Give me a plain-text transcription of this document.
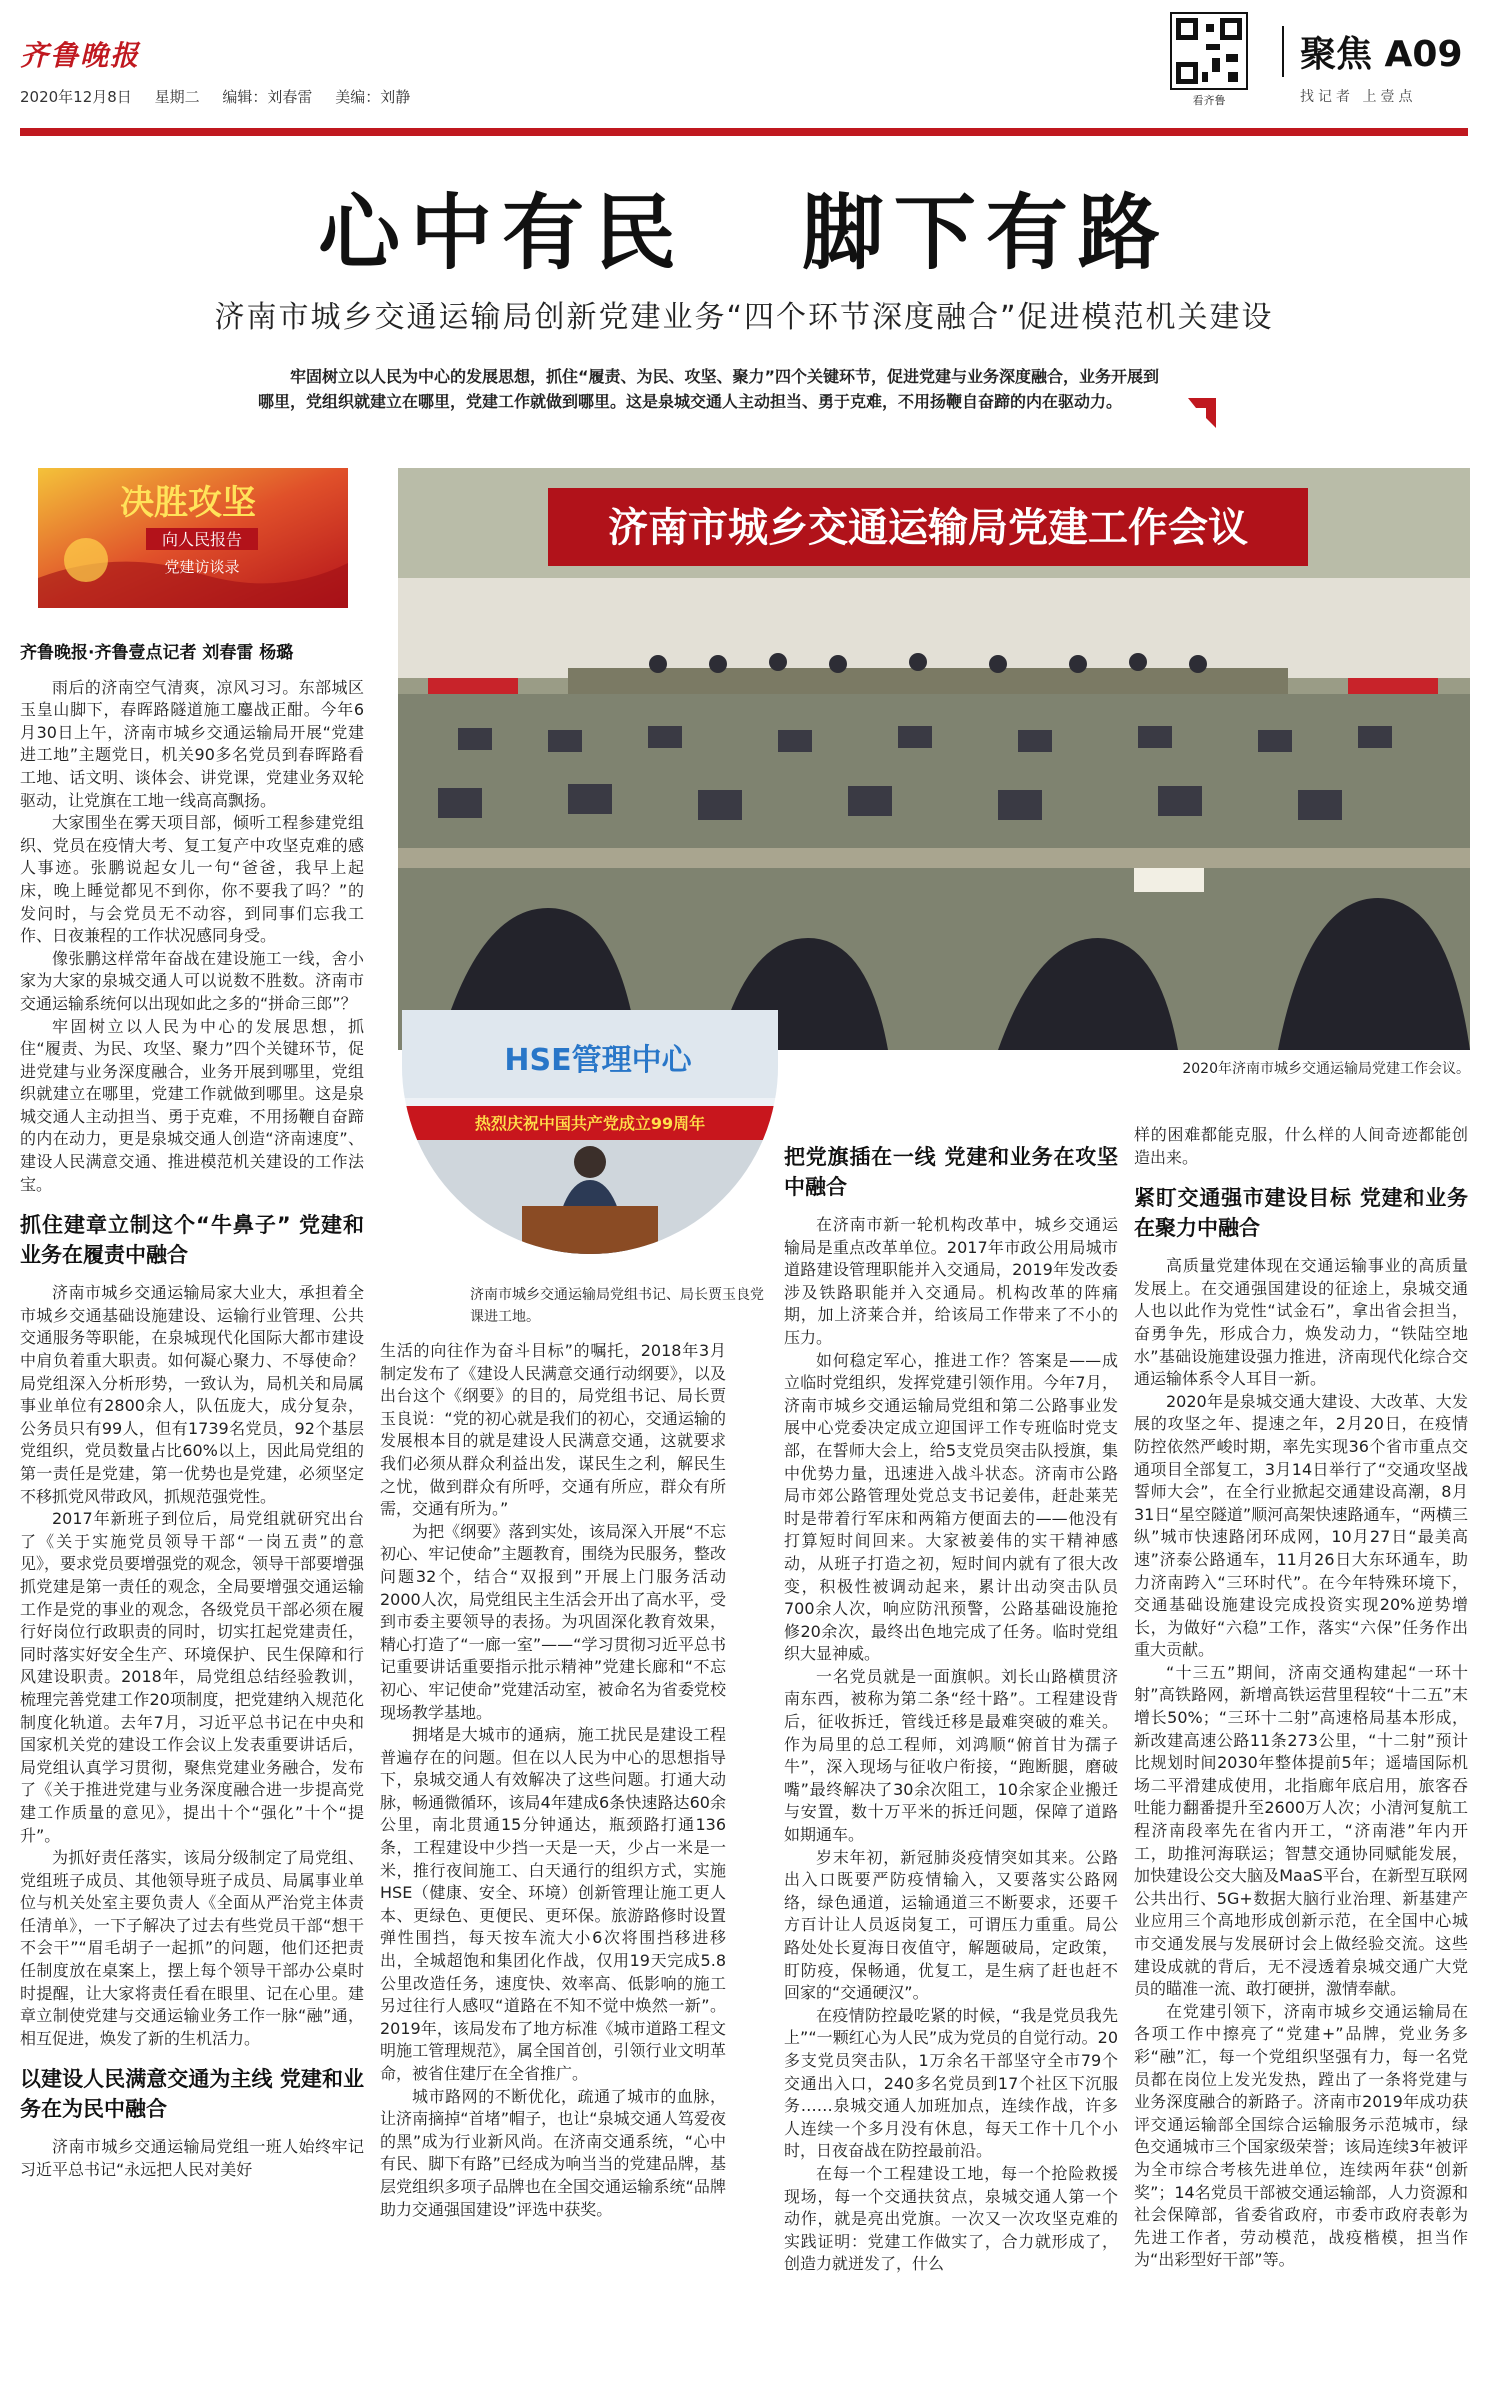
齐鲁晚报
2020年12月8日 星期二 编辑：刘春雷 美编：刘静	看齐鲁
聚焦 A09
找记者 上壹点
心中有民   脚下有路
济南市城乡交通运输局创新党建业务“四个环节深度融合”促进模范机关建设
牢固树立以人民为中心的发展思想，抓住“履责、为民、攻坚、聚力”四个关键环节，促进党建与业务深度融合，业务开展到哪里，党组织就建立在哪里，党建工作就做到哪里。这是泉城交通人主动担当、勇于克难，不用扬鞭自奋蹄的内在驱动力。
决胜攻坚
向人民报告
党建访谈录
济南市城乡交通运输局党建工作会议
2020年济南市城乡交通运输局党建工作会议。
HSE管理中心
热烈庆祝中国共产党成立99周年
济南市城乡交通运输局党组书记、局长贾玉良党课进工地。
齐鲁晚报·齐鲁壹点记者 刘春雷 杨璐

雨后的济南空气清爽，凉风习习。东部城区玉皇山脚下，春晖路隧道施工鏖战正酣。今年6月30日上午，济南市城乡交通运输局开展“党建进工地”主题党日，机关90多名党员到春晖路看工地、话文明、谈体会、讲党课，党建业务双轮驱动，让党旗在工地一线高高飘扬。

大家围坐在雾天项目部，倾听工程参建党组织、党员在疫情大考、复工复产中攻坚克难的感人事迹。张鹏说起女儿一句“爸爸，我早上起床，晚上睡觉都见不到你，你不要我了吗？”的发问时，与会党员无不动容，到同事们忘我工作、日夜兼程的工作状况感同身受。

像张鹏这样常年奋战在建设施工一线，舍小家为大家的泉城交通人可以说数不胜数。济南市交通运输系统何以出现如此之多的“拼命三郎”？

牢固树立以人民为中心的发展思想，抓住“履责、为民、攻坚、聚力”四个关键环节，促进党建与业务深度融合，业务开展到哪里，党组织就建立在哪里，党建工作就做到哪里。这是泉城交通人主动担当、勇于克难，不用扬鞭自奋蹄的内在动力，更是泉城交通人创造“济南速度”、建设人民满意交通、推进模范机关建设的工作法宝。

抓住建章立制这个“牛鼻子” 党建和业务在履责中融合

济南市城乡交通运输局家大业大，承担着全市城乡交通基础设施建设、运输行业管理、公共交通服务等职能，在泉城现代化国际大都市建设中肩负着重大职责。如何凝心聚力、不辱使命？局党组深入分析形势，一致认为，局机关和局属事业单位有2800余人，队伍庞大，成分复杂，公务员只有99人，但有1739名党员，92个基层党组织，党员数量占比60%以上，因此局党组的第一责任是党建，第一优势也是党建，必须坚定不移抓党风带政风，抓规范强党性。

2017年新班子到位后，局党组就研究出台了《关于实施党员领导干部“一岗五责”的意见》，要求党员要增强党的观念，领导干部要增强抓党建是第一责任的观念，全局要增强交通运输工作是党的事业的观念，各级党员干部必须在履行好岗位行政职责的同时，切实扛起党建责任，同时落实好安全生产、环境保护、民生保障和行风建设职责。2018年，局党组总结经验教训，梳理完善党建工作20项制度，把党建纳入规范化制度化轨道。去年7月，习近平总书记在中央和国家机关党的建设工作会议上发表重要讲话后，局党组认真学习贯彻，聚焦党建业务融合，发布了《关于推进党建与业务深度融合进一步提高党建工作质量的意见》，提出十个“强化”十个“提升”。

为抓好责任落实，该局分级制定了局党组、党组班子成员、其他领导班子成员、局属事业单位与机关处室主要负责人《全面从严治党主体责任清单》，一下子解决了过去有些党员干部“想干不会干”“眉毛胡子一起抓”的问题，他们还把责任制度放在桌案上，摆上每个领导干部办公桌时时提醒，让大家将责任看在眼里、记在心里。建章立制使党建与交通运输业务工作一脉“融”通，相互促进，焕发了新的生机活力。

以建设人民满意交通为主线 党建和业务在为民中融合

济南市城乡交通运输局党组一班人始终牢记习近平总书记“永远把人民对美好

生活的向往作为奋斗目标”的嘱托，2018年3月制定发布了《建设人民满意交通行动纲要》，以及出台这个《纲要》的目的，局党组书记、局长贾玉良说：“党的初心就是我们的初心，交通运输的发展根本目的就是建设人民满意交通，这就要求我们必须从群众利益出发，谋民生之利，解民生之忧，做到群众有所呼，交通有所应，群众有所需，交通有所为。”

为把《纲要》落到实处，该局深入开展“不忘初心、牢记使命”主题教育，围绕为民服务，整改问题32个，结合“双报到”开展上门服务活动2000人次，局党组民主生活会开出了高水平，受到市委主要领导的表扬。为巩固深化教育效果，精心打造了“一廊一室”——“学习贯彻习近平总书记重要讲话重要指示批示精神”党建长廊和“不忘初心、牢记使命”党建活动室，被命名为省委党校现场教学基地。

拥堵是大城市的通病，施工扰民是建设工程普遍存在的问题。但在以人民为中心的思想指导下，泉城交通人有效解决了这些问题。打通大动脉，畅通微循环，该局4年建成6条快速路达60余公里，南北贯通15分钟通达，瓶颈路打通136条，工程建设中少挡一天是一天，少占一米是一米，推行夜间施工、白天通行的组织方式，实施HSE（健康、安全、环境）创新管理让施工更人本、更绿色、更便民、更环保。旅游路修时设置弹性围挡，每天按车流大小6次将围挡移进移出，全城超饱和集团化作战，仅用19天完成5.8公里改造任务，速度快、效率高、低影响的施工另过往行人感叹“道路在不知不觉中焕然一新”。2019年，该局发布了地方标准《城市道路工程文明施工管理规范》，属全国首创，引领行业文明革命，被省住建厅在全省推广。

城市路网的不断优化，疏通了城市的血脉，让济南摘掉“首堵”帽子，也让“泉城交通人笃爱夜的黑”成为行业新风尚。在济南交通系统，“心中有民、脚下有路”已经成为响当当的党建品牌，基层党组织多项子品牌也在全国交通运输系统“品牌助力交通强国建设”评选中获奖。

把党旗插在一线 党建和业务在攻坚中融合

在济南市新一轮机构改革中，城乡交通运输局是重点改革单位。2017年市政公用局城市道路建设管理职能并入交通局，2019年发改委涉及铁路职能并入交通局。机构改革的阵痛期，加上济莱合并，给该局工作带来了不小的压力。

如何稳定军心，推进工作？答案是——成立临时党组织，发挥党建引领作用。今年7月，济南市城乡交通运输局党组和第二公路事业发展中心党委决定成立迎国评工作专班临时党支部，在誓师大会上，给5支党员突击队授旗，集中优势力量，迅速进入战斗状态。济南市公路局市郊公路管理处党总支书记姜伟，赶赴莱芜时是带着行军床和两箱方便面去的——他没有打算短时间回来。大家被姜伟的实干精神感动，从班子打造之初，短时间内就有了很大改变，积极性被调动起来，累计出动突击队员700余人次，响应防汛预警，公路基础设施抢修20余次，最终出色地完成了任务。临时党组织大显神威。

一名党员就是一面旗帜。刘长山路横贯济南东西，被称为第二条“经十路”。工程建设背后，征收拆迁，管线迁移是最难突破的难关。作为局里的总工程师，刘鸿顺“俯首甘为孺子牛”，深入现场与征收户衔接，“跑断腿，磨破嘴”最终解决了30余次阻工，10余家企业搬迁与安置，数十万平米的拆迁问题，保障了道路如期通车。

岁末年初，新冠肺炎疫情突如其来。公路出入口既要严防疫情输入，又要落实公路网络，绿色通道，运输通道三不断要求，还要千方百计让人员返岗复工，可谓压力重重。局公路处处长夏海日夜值守，解题破局，定政策，盯防疫，保畅通，优复工，是生病了赶也赶不回家的“交通硬汉”。

在疫情防控最吃紧的时候，“我是党员我先上”“一颗红心为人民”成为党员的自觉行动。20多支党员突击队，1万余名干部坚守全市79个交通出入口，240多名党员到17个社区下沉服务……泉城交通人加班加点，连续作战，许多人连续一个多月没有休息，每天工作十几个小时，日夜奋战在防控最前沿。

在每一个工程建设工地，每一个抢险救援现场，每一个交通扶贫点，泉城交通人第一个动作，就是亮出党旗。一次又一次攻坚克难的实践证明：党建工作做实了，合力就形成了，创造力就迸发了，什么

样的困难都能克服，什么样的人间奇迹都能创造出来。

紧盯交通强市建设目标 党建和业务在聚力中融合

高质量党建体现在交通运输事业的高质量发展上。在交通强国建设的征途上，泉城交通人也以此作为党性“试金石”，拿出省会担当，奋勇争先，形成合力，焕发动力，“铁陆空地水”基础设施建设强力推进，济南现代化综合交通运输体系令人耳目一新。

2020年是泉城交通大建设、大改革、大发展的攻坚之年、提速之年，2月20日，在疫情防控依然严峻时期，率先实现36个省市重点交通项目全部复工，3月14日举行了“交通攻坚战誓师大会”，在全行业掀起交通建设高潮，8月31日“星空隧道”顺河高架快速路通车，“两横三纵”城市快速路闭环成网，10月27日“最美高速”济泰公路通车，11月26日大东环通车，助力济南跨入“三环时代”。在今年特殊环境下，交通基础设施建设完成投资实现20%逆势增长，为做好“六稳”工作，落实“六保”任务作出重大贡献。

“十三五”期间，济南交通构建起“一环十射”高铁路网，新增高铁运营里程较“十二五”末增长50%；“三环十二射”高速格局基本形成，新改建高速公路11条273公里，“十二射”预计比规划时间2030年整体提前5年；遥墙国际机场二平滑建成使用，北指廊年底启用，旅客吞吐能力翻番提升至2600万人次；小清河复航工程济南段率先在省内开工，“济南港”年内开工，助推河海联运；智慧交通协同赋能发展，加快建设公交大脑及MaaS平台，在新型互联网公共出行、5G+数据大脑行业治理、新基建产业应用三个高地形成创新示范，在全国中心城市交通发展与发展研讨会上做经验交流。这些建设成就的背后，无不浸透着泉城交通广大党员的瞄准一流、敢打硬拼，激情奉献。

在党建引领下，济南市城乡交通运输局在各项工作中擦亮了“党建+”品牌，党业务多彩“融”汇，每一个党组织坚强有力，每一名党员都在岗位上发光发热，蹚出了一条将党建与业务深度融合的新路子。济南市2019年成功获评交通运输部全国综合运输服务示范城市，绿色交通城市三个国家级荣誉；该局连续3年被评为全市综合考核先进单位，连续两年获“创新奖”；14名党员干部被交通运输部，人力资源和社会保障部，省委省政府，市委市政府表彰为先进工作者，劳动模范，战疫楷模，担当作为“出彩型好干部”等。
